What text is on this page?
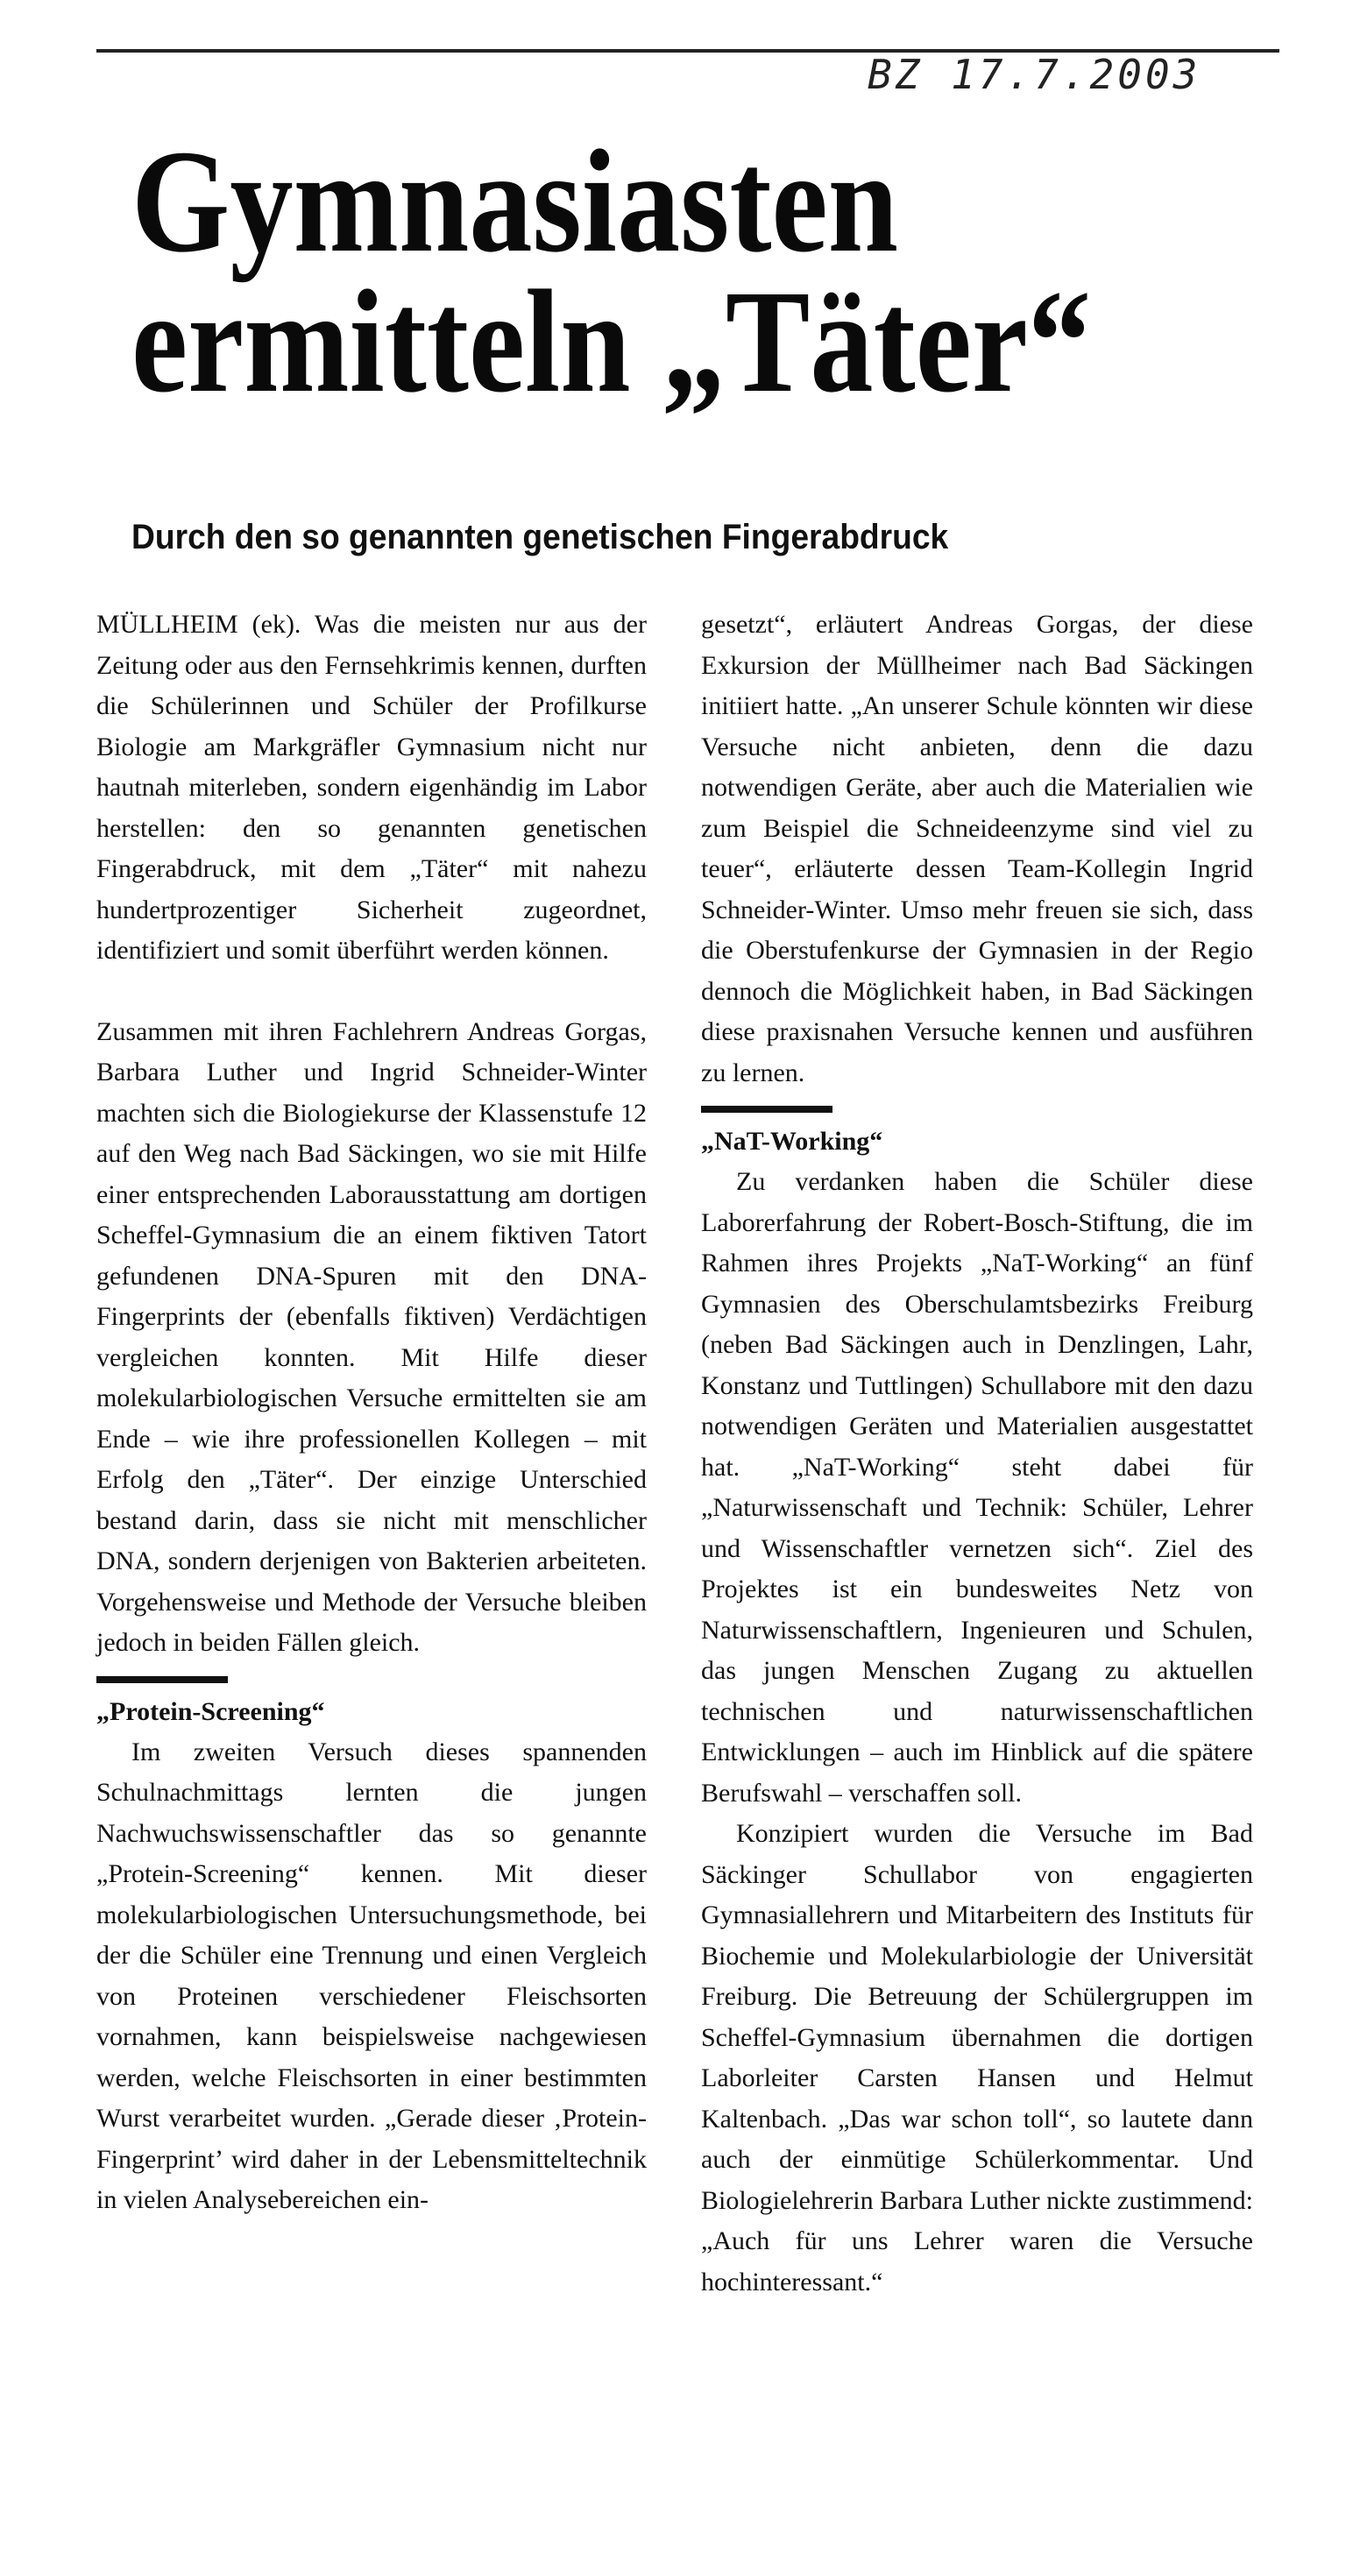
BZ 17.7.2003
Gymnasiasten
ermitteln „Täter“
Durch den so genannten genetischen Fingerabdruck

MÜLLHEIM (ek). Was die meisten nur aus der Zeitung oder aus den Fernsehkrimis kennen, durften die Schülerinnen und Schüler der Profilkurse Biologie am Markgräfler Gymnasium nicht nur hautnah miterleben, sondern eigenhändig im Labor herstellen: den so genannten genetischen Fingerabdruck, mit dem „Täter“ mit nahezu hundertprozentiger Sicherheit zugeordnet, identifiziert und somit überführt werden können.

Zusammen mit ihren Fachlehrern Andreas Gorgas, Barbara Luther und Ingrid Schneider-Winter machten sich die Biologiekurse der Klassenstufe 12 auf den Weg nach Bad Säckingen, wo sie mit Hilfe einer entsprechenden Laborausstattung am dortigen Scheffel-Gymnasium die an einem fiktiven Tatort gefundenen DNA-Spuren mit den DNA-Fingerprints der (ebenfalls fiktiven) Verdächtigen vergleichen konnten. Mit Hilfe dieser molekularbiologischen Versuche ermittelten sie am Ende – wie ihre professionellen Kollegen – mit Erfolg den „Täter“. Der einzige Unterschied bestand darin, dass sie nicht mit menschlicher DNA, sondern derjenigen von Bakterien arbeiteten. Vorgehensweise und Methode der Versuche bleiben jedoch in beiden Fällen gleich.

„Protein-Screening“

Im zweiten Versuch dieses spannenden Schulnachmittags lernten die jungen Nachwuchswissenschaftler das so genannte „Protein-Screening“ kennen. Mit dieser molekularbiologischen Untersuchungsmethode, bei der die Schüler eine Trennung und einen Vergleich von Proteinen verschiedener Fleischsorten vornahmen, kann beispielsweise nachgewiesen werden, welche Fleischsorten in einer bestimmten Wurst verarbeitet wurden. „Gerade dieser ‚Protein-Fingerprint’ wird daher in der Lebensmitteltechnik in vielen Analysebereichen ein-

gesetzt“, erläutert Andreas Gorgas, der diese Exkursion der Müllheimer nach Bad Säckingen initiiert hatte. „An unserer Schule könnten wir diese Versuche nicht anbieten, denn die dazu notwendigen Geräte, aber auch die Materialien wie zum Beispiel die Schneideenzyme sind viel zu teuer“, erläuterte dessen Team-Kollegin Ingrid Schneider-Winter. Umso mehr freuen sie sich, dass die Oberstufenkurse der Gymnasien in der Regio dennoch die Möglichkeit haben, in Bad Säckingen diese praxisnahen Versuche kennen und ausführen zu lernen.

„NaT-Working“

Zu verdanken haben die Schüler diese Laborerfahrung der Robert-Bosch-Stiftung, die im Rahmen ihres Projekts „NaT-Working“ an fünf Gymnasien des Oberschulamtsbezirks Freiburg (neben Bad Säckingen auch in Denzlingen, Lahr, Konstanz und Tuttlingen) Schullabore mit den dazu notwendigen Geräten und Materialien ausgestattet hat. „NaT-Working“ steht dabei für „Naturwissenschaft und Technik: Schüler, Lehrer und Wissenschaftler vernetzen sich“. Ziel des Projektes ist ein bundesweites Netz von Naturwissenschaftlern, Ingenieuren und Schulen, das jungen Menschen Zugang zu aktuellen technischen und naturwissenschaftlichen Entwicklungen – auch im Hinblick auf die spätere Berufswahl – verschaffen soll.

Konzipiert wurden die Versuche im Bad Säckinger Schullabor von engagierten Gymnasiallehrern und Mitarbeitern des Instituts für Biochemie und Molekularbiologie der Universität Freiburg. Die Betreuung der Schülergruppen im Scheffel-Gymnasium übernahmen die dortigen Laborleiter Carsten Hansen und Helmut Kaltenbach. „Das war schon toll“, so lautete dann auch der einmütige Schülerkommentar. Und Biologielehrerin Barbara Luther nickte zustimmend: „Auch für uns Lehrer waren die Versuche hochinteressant.“
